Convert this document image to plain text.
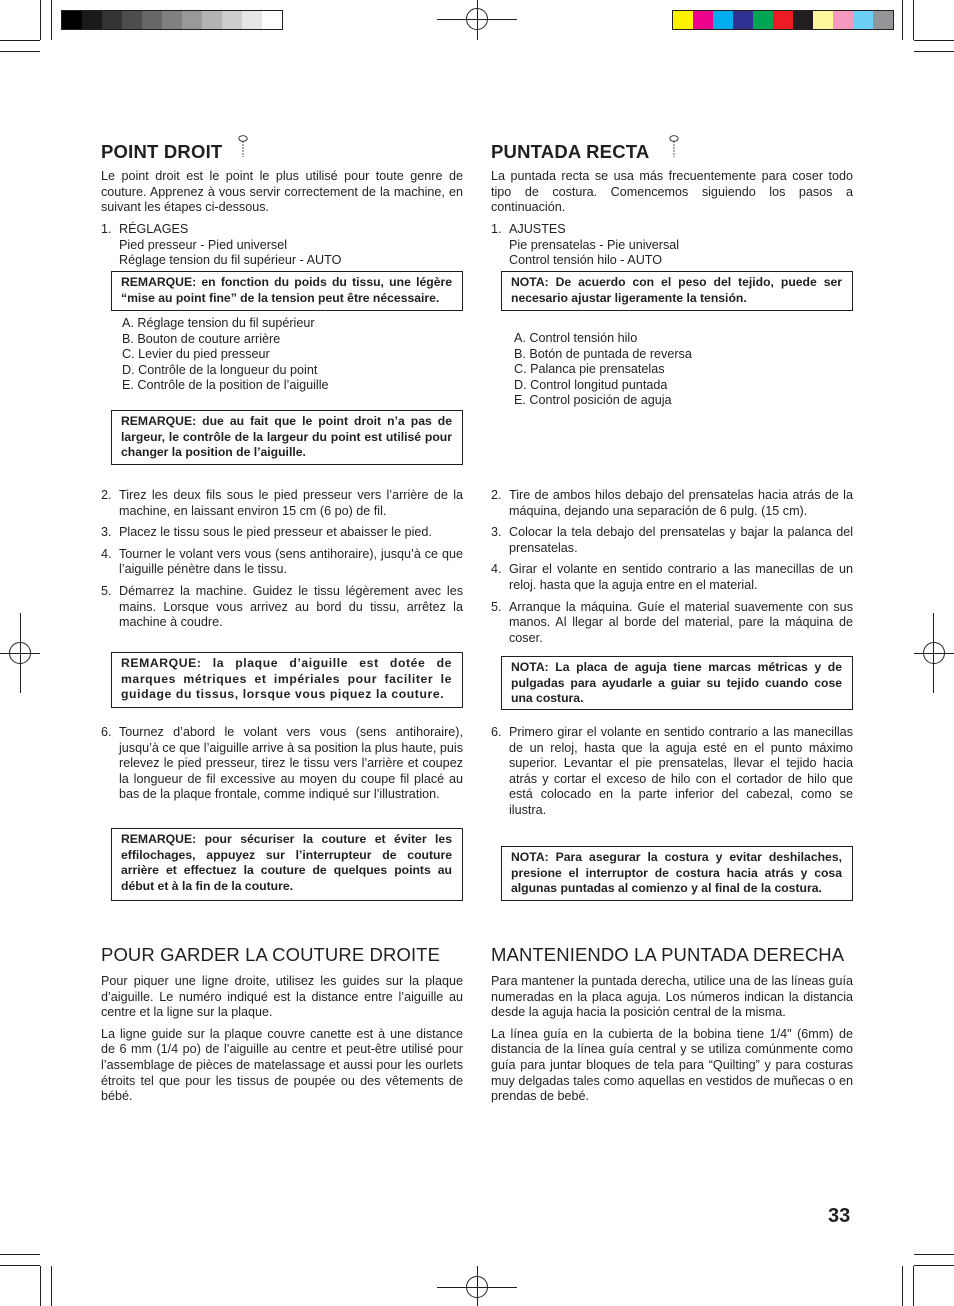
POINT DROIT

Le point droit est le point le plus utilisé pour toute genre de couture. Apprenez à vous servir correctement de la machine, en suivant les étapes ci-dessous.

1. RÉGLAGES
Pied presseur - Pied universel
Réglage tension du fil supérieur - AUTO
REMARQUE: en fonction du poids du tissu, une légère “mise au point fine” de la tension peut être nécessaire.
A. Réglage tension du fil supérieur
B. Bouton de couture arrière
C. Levier du pied presseur
D. Contrôle de la longueur du point
E. Contrôle de la position de l’aiguille
REMARQUE: due au fait que le point droit n’a pas de largeur, le contrôle de la largeur du point est utilisé pour changer la position de l’aiguille.
2. Tirez les deux fils sous le pied presseur vers l’arrière de la machine, en laissant environ 15 cm (6 po) de fil.
3. Placez le tissu sous le pied presseur et abaisser le pied.
4. Tourner le volant vers vous (sens antihoraire), jusqu’à ce que l’aiguille pénètre dans le tissu.
5. Démarrez la machine. Guidez le tissu légèrement avec les mains. Lorsque vous arrivez au bord du tissu, arrêtez la machine à coudre.
REMARQUE: la plaque d’aiguille est dotée de marques métriques et impériales pour faciliter le guidage du tissus, lorsque vous piquez la couture.
6. Tournez d’abord le volant vers vous (sens antihoraire), jusqu’à ce que l’aiguille arrive à sa position la plus haute, puis relevez le pied presseur, tirez le tissu vers l’arrière et coupez la longueur de fil excessive au moyen du coupe fil placé au bas de la plaque frontale, comme indiqué sur l’illustration.
REMARQUE: pour sécuriser la couture et éviter les effilochages, appuyez sur l’interrupteur de couture arrière et effectuez la couture de quelques points au début et à la fin de la couture.
POUR GARDER LA COUTURE DROITE

Pour piquer une ligne droite, utilisez les guides sur la plaque d’aiguille. Le numéro indiqué est la distance entre l’aiguille au centre et la ligne sur la plaque.

La ligne guide sur la plaque couvre canette est à une distance de 6 mm (1/4 po) de l’aiguille au centre et peut-être utilisé pour l’assemblage de pièces de matelassage et aussi pour les ourlets étroits tel que pour les tissus de poupée ou des vêtements de bébé.

PUNTADA RECTA

La puntada recta se usa más frecuentemente para coser todo tipo de costura. Comencemos siguiendo los pasos a continuación.

1. AJUSTES
Pie prensatelas - Pie universal
Control tensión hilo - AUTO
NOTA: De acuerdo con el peso del tejido, puede ser necesario ajustar ligeramente la tensión.
A. Control tensión hilo
B. Botón de puntada de reversa
C. Palanca pie prensatelas
D. Control longitud puntada
E. Control posición de aguja
2. Tire de ambos hilos debajo del prensatelas hacia atrás de la máquina, dejando una separación de 6 pulg. (15 cm).
3. Colocar la tela debajo del prensatelas y bajar la palanca del prensatelas.
4. Girar el volante en sentido contrario a las manecillas de un reloj. hasta que la aguja entre en el material.
5. Arranque la máquina. Guíe el material suavemente con sus manos. Al llegar al borde del material, pare la máquina de coser.
NOTA: La placa de aguja tiene marcas métricas y de pulgadas para ayudarle a guiar su tejido cuando cose una costura.
6. Primero girar el volante en sentido contrario a las manecillas de un reloj, hasta que la aguja esté en el punto máximo superior. Levantar el pie prensatelas, llevar el tejido hacia atrás y cortar el exceso de hilo con el cortador de hilo que está colocado en la parte inferior del cabezal, como se ilustra.
NOTA: Para asegurar la costura y evitar deshilaches, presione el interruptor de costura hacia atrás y cosa algunas puntadas al comienzo y al final de la costura.
MANTENIENDO LA PUNTADA DERECHA

Para mantener la puntada derecha, utilice una de las líneas guía numeradas en la placa aguja. Los números indican la distancia desde la aguja hacia la posición central de la misma.

La línea guía en la cubierta de la bobina tiene 1/4" (6mm) de distancia de la línea guía central y se utiliza comúnmente como guía para juntar bloques de tela para “Quilting” y para costuras muy delgadas tales como aquellas en vestidos de muñecas o en prendas de bebé.

33
